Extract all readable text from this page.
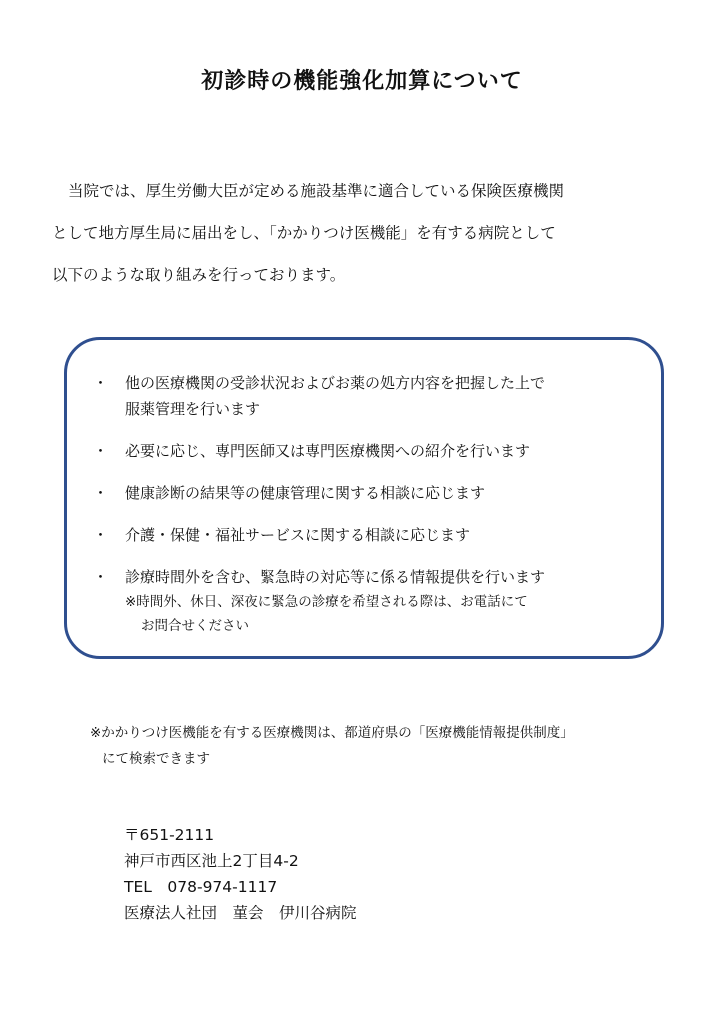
初診時の機能強化加算について
当院では、厚生労働大臣が定める施設基準に適合している保険医療機関
として地方厚生局に届出をし、「かかりつけ医機能」を有する病院として
以下のような取り組みを行っております。
・	他の医療機関の受診状況およびお薬の処方内容を把握した上で
服薬管理を行います
・	必要に応じ、専門医師又は専門医療機関への紹介を行います
・	健康診断の結果等の健康管理に関する相談に応じます
・	介護・保健・福祉サービスに関する相談に応じます
・	診療時間外を含む、緊急時の対応等に係る情報提供を行います
※時間外、休日、深夜に緊急の診療を希望される際は、お電話にて
お問合せください
※かかりつけ医機能を有する医療機関は、都道府県の「医療機能情報提供制度」
にて検索できます
〒651-2111
神戸市西区池上2丁目4-2
TEL　078-974-1117
医療法人社団　菫会　伊川谷病院
